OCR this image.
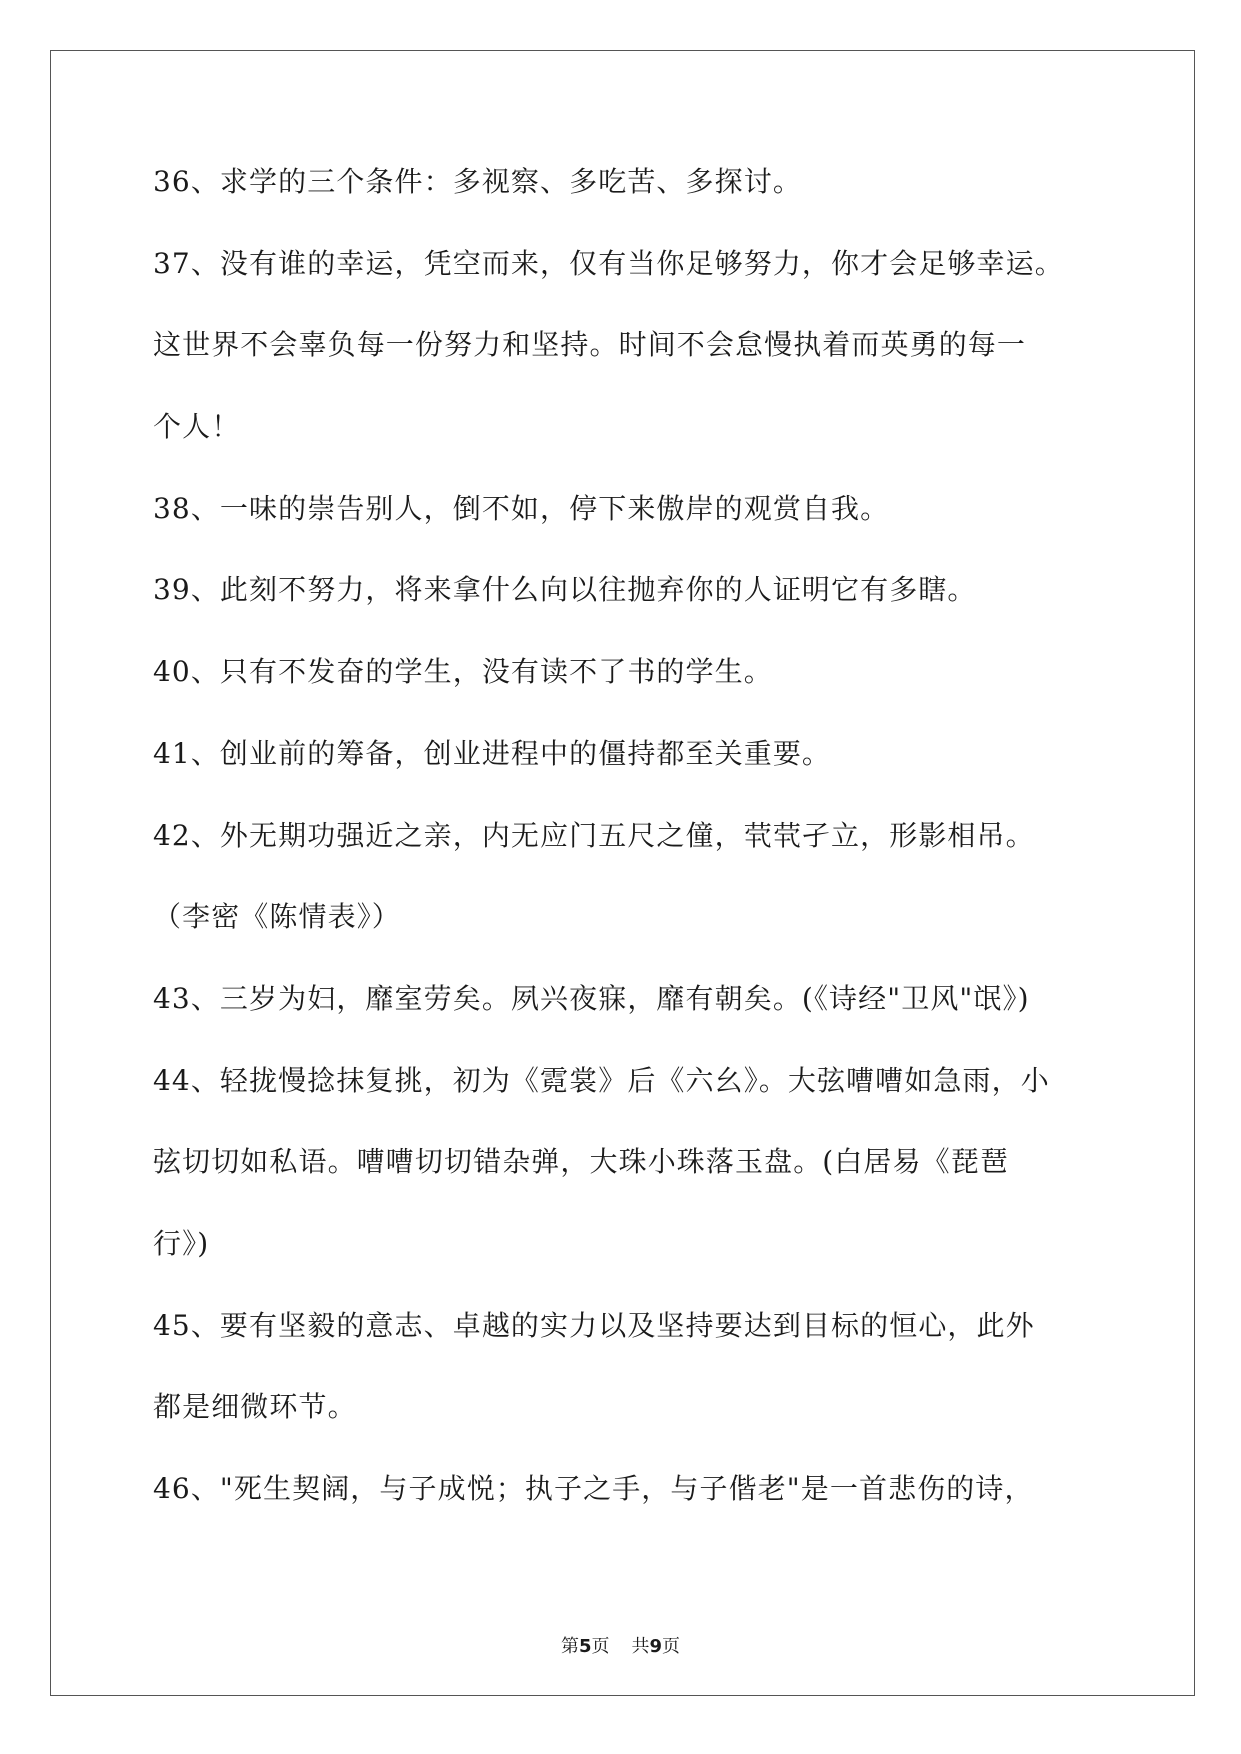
36、求学的三个条件：多视察、多吃苦、多探讨。
37、没有谁的幸运，凭空而来，仅有当你足够努力，你才会足够幸运。
这世界不会辜负每一份努力和坚持。时间不会怠慢执着而英勇的每一
个人！
38、一味的崇告别人，倒不如，停下来傲岸的观赏自我。
39、此刻不努力，将来拿什么向以往抛弃你的人证明它有多瞎。
40、只有不发奋的学生，没有读不了书的学生。
41、创业前的筹备，创业进程中的僵持都至关重要。
42、外无期功强近之亲，内无应门五尺之僮，茕茕孑立，形影相吊。
（李密《陈情表》）
43、三岁为妇，靡室劳矣。夙兴夜寐，靡有朝矣。(《诗经"卫风"氓》)
44、轻拢慢捻抹复挑，初为《霓裳》后《六幺》。大弦嘈嘈如急雨，小
弦切切如私语。嘈嘈切切错杂弹，大珠小珠落玉盘。(白居易《琵琶
行》)
45、要有坚毅的意志、卓越的实力以及坚持要达到目标的恒心，此外
都是细微环节。
46、"死生契阔，与子成悦；执子之手，与子偕老"是一首悲伤的诗，
第5页 共9页
